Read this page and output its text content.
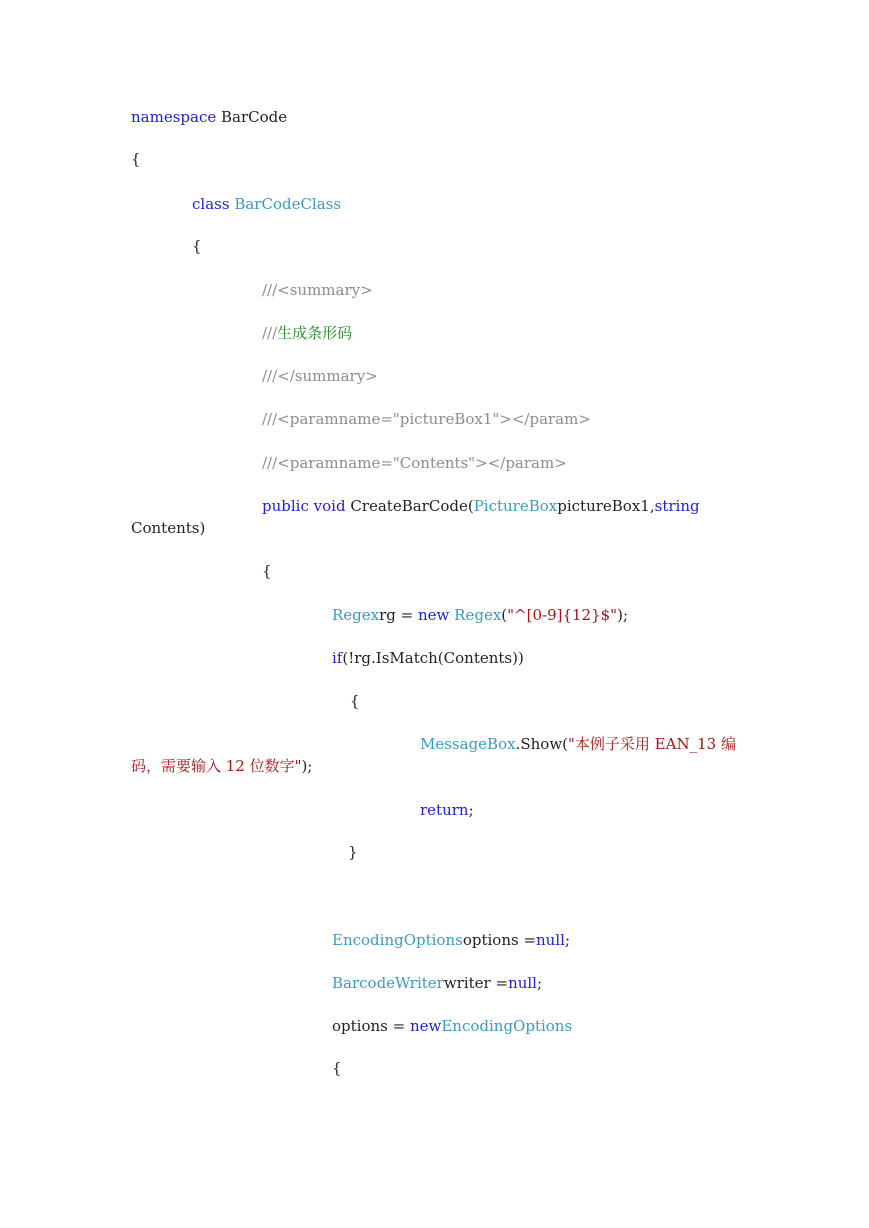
namespace BarCode
{
class BarCodeClass
{
///<summary>
///生成条形码
///</summary>
///<paramname="pictureBox1"></param>
///<paramname="Contents"></param>
public void CreateBarCode(PictureBoxpictureBox1,string
Contents)
{
Regexrg = new Regex("^[0-9]{12}$");
if(!rg.IsMatch(Contents))
{
MessageBox.Show("本例子采用 EAN_13 编
码，需要输入 12 位数字");
return;
}
EncodingOptionsoptions =null;
BarcodeWriterwriter =null;
options = newEncodingOptions
{
